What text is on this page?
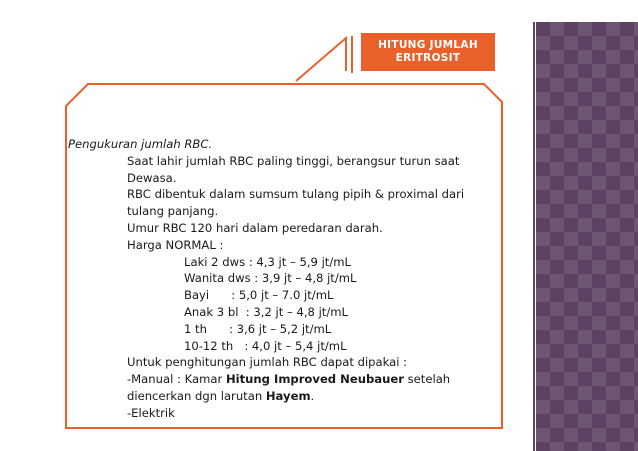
HITUNG JUMLAH
ERITROSIT
Pengukuran jumlah RBC.
Saat lahir jumlah RBC paling tinggi, berangsur turun saat
Dewasa.
RBC dibentuk dalam sumsum tulang pipih & proximal dari
tulang panjang.
Umur RBC 120 hari dalam peredaran darah.
Harga NORMAL :
Laki 2 dws : 4,3 jt – 5,9 jt/mL
Wanita dws : 3,9 jt – 4,8 jt/mL
Bayi      : 5,0 jt – 7.0 jt/mL
Anak 3 bl  : 3,2 jt – 4,8 jt/mL
1 th      : 3,6 jt – 5,2 jt/mL
10-12 th   : 4,0 jt – 5,4 jt/mL
Untuk penghitungan jumlah RBC dapat dipakai :
-Manual : Kamar Hitung Improved Neubauer setelah
diencerkan dgn larutan Hayem.
-Elektrik
